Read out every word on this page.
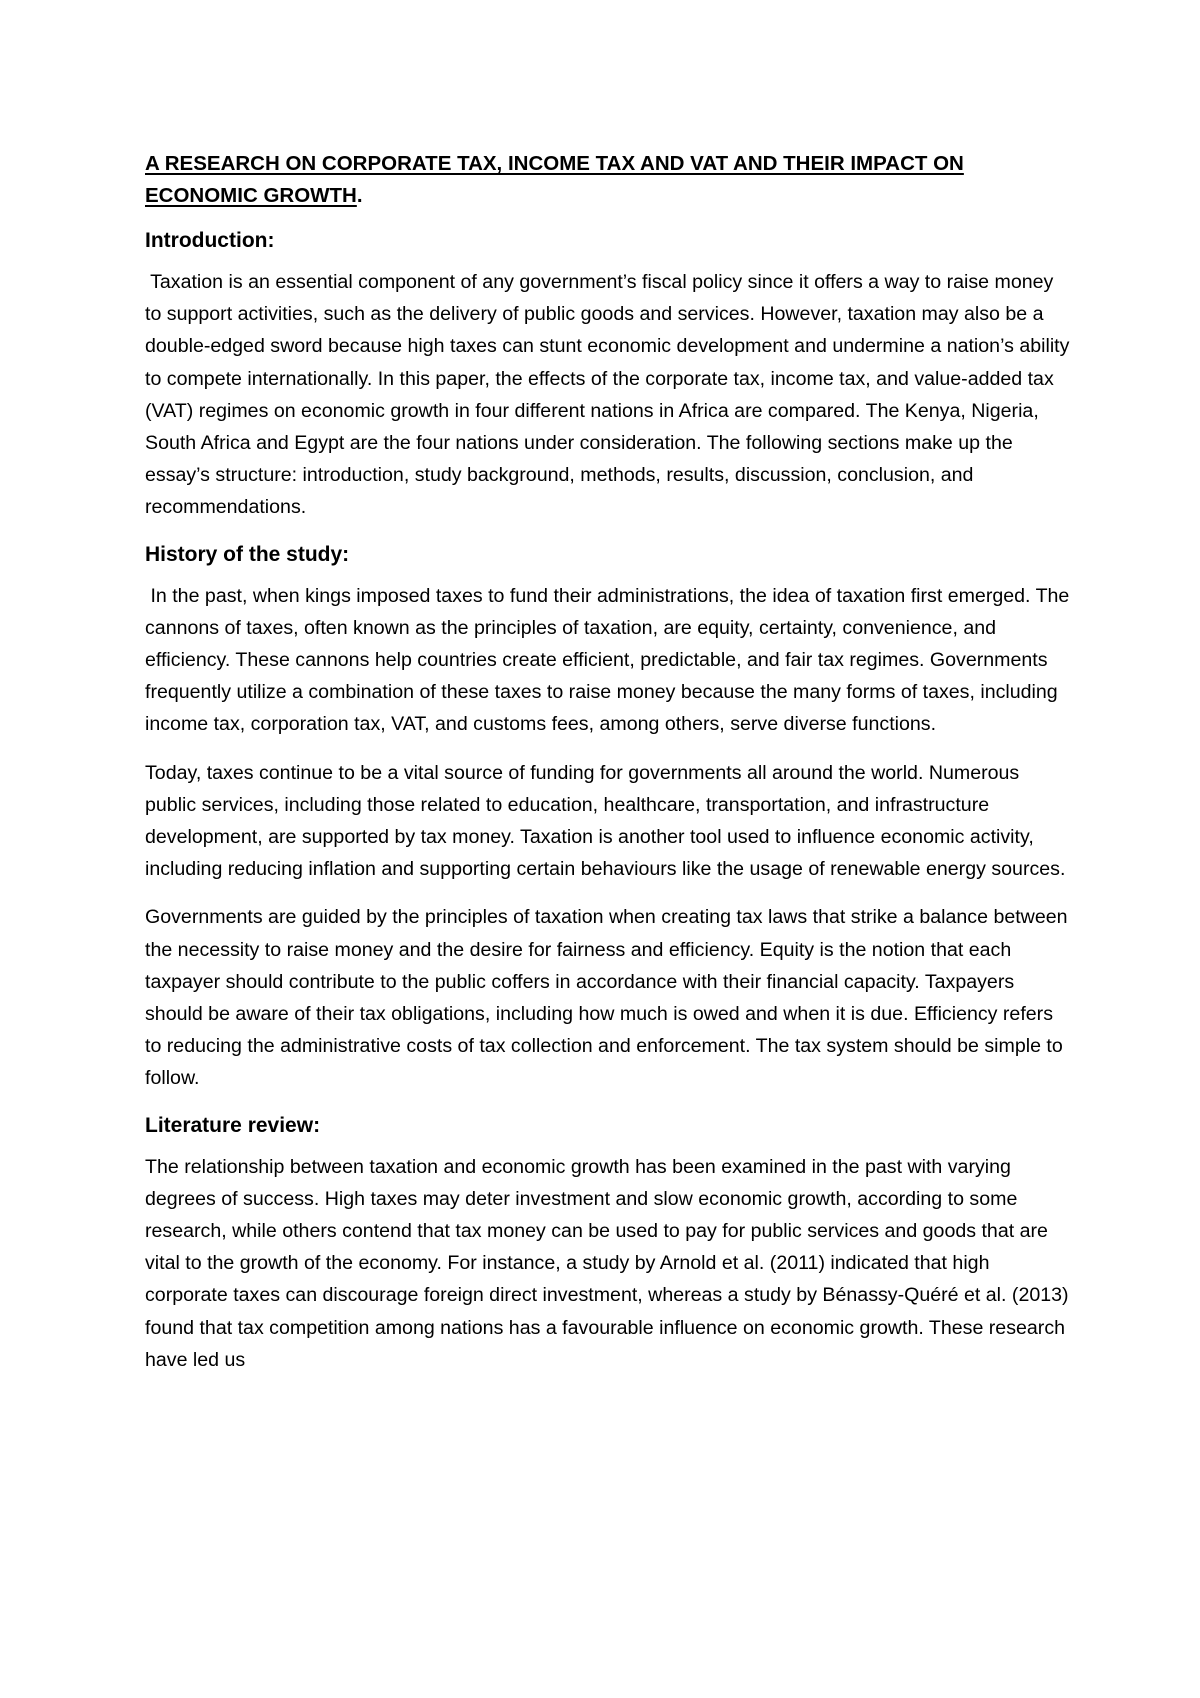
A RESEARCH ON CORPORATE TAX, INCOME TAX AND VAT AND THEIR IMPACT ON ECONOMIC GROWTH.
Introduction:
Taxation is an essential component of any government’s fiscal policy since it offers a way to raise money to support activities, such as the delivery of public goods and services. However, taxation may also be a double-edged sword because high taxes can stunt economic development and undermine a nation’s ability to compete internationally. In this paper, the effects of the corporate tax, income tax, and value-added tax (VAT) regimes on economic growth in four different nations in Africa are compared. The Kenya, Nigeria, South Africa and Egypt are the four nations under consideration. The following sections make up the essay’s structure: introduction, study background, methods, results, discussion, conclusion, and recommendations.
History of the study:
In the past, when kings imposed taxes to fund their administrations, the idea of taxation first emerged. The cannons of taxes, often known as the principles of taxation, are equity, certainty, convenience, and efficiency. These cannons help countries create efficient, predictable, and fair tax regimes. Governments frequently utilize a combination of these taxes to raise money because the many forms of taxes, including income tax, corporation tax, VAT, and customs fees, among others, serve diverse functions.
Today, taxes continue to be a vital source of funding for governments all around the world. Numerous public services, including those related to education, healthcare, transportation, and infrastructure development, are supported by tax money. Taxation is another tool used to influence economic activity, including reducing inflation and supporting certain behaviours like the usage of renewable energy sources.
Governments are guided by the principles of taxation when creating tax laws that strike a balance between the necessity to raise money and the desire for fairness and efficiency. Equity is the notion that each taxpayer should contribute to the public coffers in accordance with their financial capacity. Taxpayers should be aware of their tax obligations, including how much is owed and when it is due. Efficiency refers to reducing the administrative costs of tax collection and enforcement. The tax system should be simple to follow.
Literature review:
The relationship between taxation and economic growth has been examined in the past with varying degrees of success. High taxes may deter investment and slow economic growth, according to some research, while others contend that tax money can be used to pay for public services and goods that are vital to the growth of the economy. For instance, a study by Arnold et al. (2011) indicated that high corporate taxes can discourage foreign direct investment, whereas a study by Bénassy-Quéré et al. (2013) found that tax competition among nations has a favourable influence on economic growth. These research have led us
